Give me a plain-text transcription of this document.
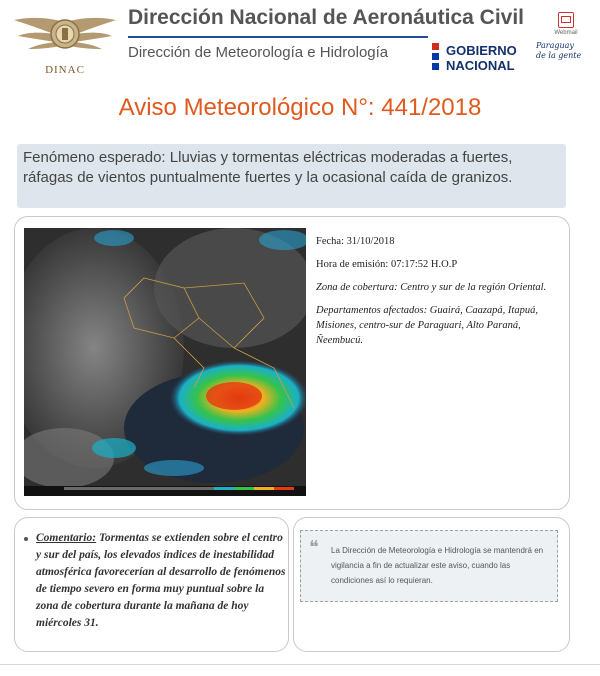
DINAC
Dirección Nacional de Aeronáutica Civil
Dirección de Meteorología e Hidrología
Webmail
GOBIERNO
NACIONAL
Paraguay
de la gente
Aviso Meteorológico N°: 441/2018
Fenómeno esperado: Lluvias y tormentas eléctricas moderadas a fuertes, ráfagas de vientos puntualmente fuertes y la ocasional caída de granizos.

Fecha: 31/10/2018

Hora de emisión: 07:17:52 H.O.P

Zona de cobertura: Centro y sur de la región Oriental.

Departamentos afectados: Guairá, Caazapá, Itapuá, Misiones, centro-sur de Paraguari, Alto Paraná, Ñeembucú.

Comentario: Tormentas se extienden sobre el centro y sur del país, los elevados índices de inestabilidad atmosférica favorecerían al desarrollo de fenómenos de tiempo severo en forma muy puntual sobre la zona de cobertura durante la mañana de hoy miércoles 31.
❝ La Dirección de Meteorología e Hidrología se mantendrá en vigilancia a fin de actualizar este aviso, cuando las condiciones así lo requieran.
